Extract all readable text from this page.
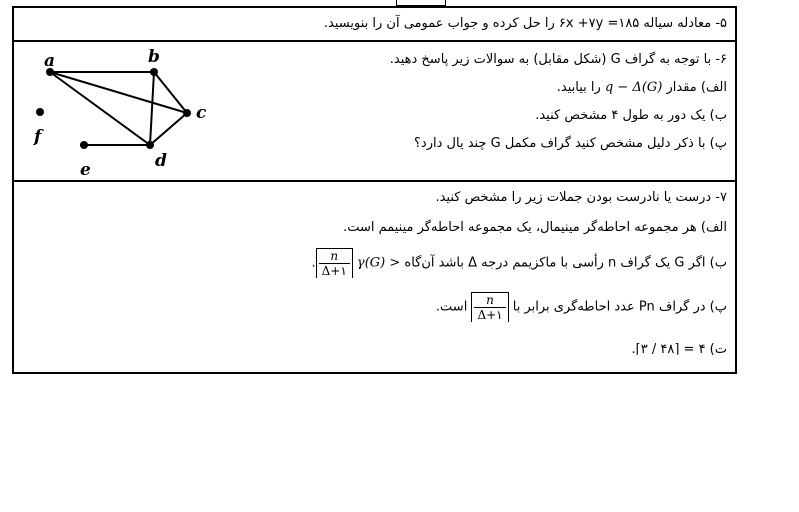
۵- معادله سیاله ۱۸۵= ۶x +۷y را حل کرده و جواب عمومی آن را بنویسید.
a	b
c
d
e
f
۶- با توجه به گراف G (شکل مقابل) به سوالات زیر پاسخ دهید.
الف) مقدار q − Δ(G) را بیابید.
ب) یک دور به طول ۴ مشخص کنید.
پ) با ذکر دلیل مشخص کنید گراف مکمل G چند یال دارد؟
۷- درست یا نادرست بودن جملات زیر را مشخص کنید.
الف) هر مجموعه احاطه‌گر مینیمال، یک مجموعه احاطه‌گر مینیمم است.
ب) اگر G یک گراف n رأسی با ماکزیمم درجه Δ باشد آن‌گاه γ(G) >
$\frac{n}{\Delta+۱}$
.
پ) در گراف Pn عدد احاطه‌گری برابر با
$\frac{n}{\Delta+۱}$
است.
ت) ۴ = ⌈۴۸ / ۳⌉.
